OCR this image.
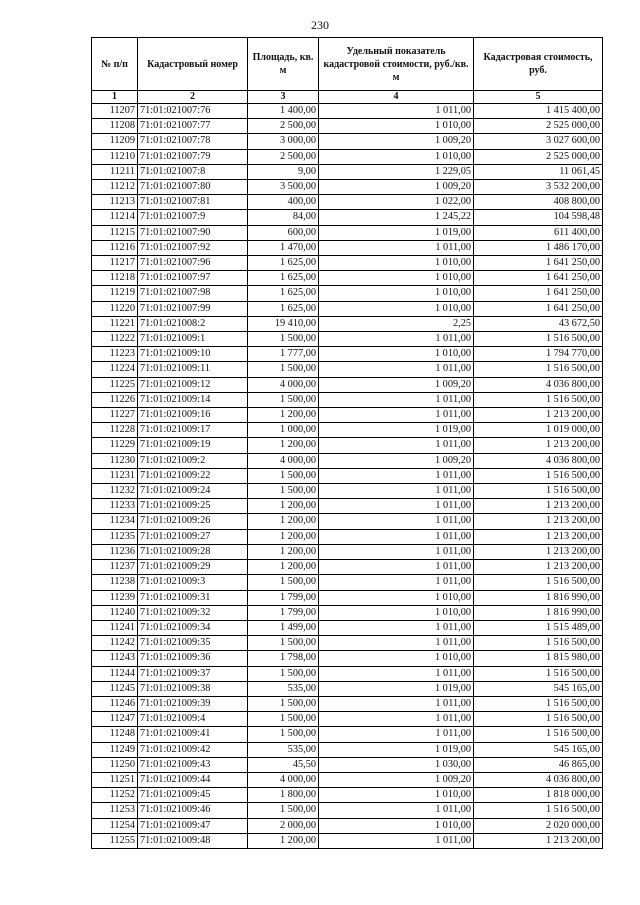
230
№ п/п	Кадастровый номер	Площадь, кв. м	Удельный показатель кадастровой стоимости, руб./кв. м	Кадастровая стоимость, руб.
1	2	3	4	5
11207	71:01:021007:76	1 400,00	1 011,00	1 415 400,00
11208	71:01:021007:77	2 500,00	1 010,00	2 525 000,00
11209	71:01:021007:78	3 000,00	1 009,20	3 027 600,00
11210	71:01:021007:79	2 500,00	1 010,00	2 525 000,00
11211	71:01:021007:8	9,00	1 229,05	11 061,45
11212	71:01:021007:80	3 500,00	1 009,20	3 532 200,00
11213	71:01:021007:81	400,00	1 022,00	408 800,00
11214	71:01:021007:9	84,00	1 245,22	104 598,48
11215	71:01:021007:90	600,00	1 019,00	611 400,00
11216	71:01:021007:92	1 470,00	1 011,00	1 486 170,00
11217	71:01:021007:96	1 625,00	1 010,00	1 641 250,00
11218	71:01:021007:97	1 625,00	1 010,00	1 641 250,00
11219	71:01:021007:98	1 625,00	1 010,00	1 641 250,00
11220	71:01:021007:99	1 625,00	1 010,00	1 641 250,00
11221	71:01:021008:2	19 410,00	2,25	43 672,50
11222	71:01:021009:1	1 500,00	1 011,00	1 516 500,00
11223	71:01:021009:10	1 777,00	1 010,00	1 794 770,00
11224	71:01:021009:11	1 500,00	1 011,00	1 516 500,00
11225	71:01:021009:12	4 000,00	1 009,20	4 036 800,00
11226	71:01:021009:14	1 500,00	1 011,00	1 516 500,00
11227	71:01:021009:16	1 200,00	1 011,00	1 213 200,00
11228	71:01:021009:17	1 000,00	1 019,00	1 019 000,00
11229	71:01:021009:19	1 200,00	1 011,00	1 213 200,00
11230	71:01:021009:2	4 000,00	1 009,20	4 036 800,00
11231	71:01:021009:22	1 500,00	1 011,00	1 516 500,00
11232	71:01:021009:24	1 500,00	1 011,00	1 516 500,00
11233	71:01:021009:25	1 200,00	1 011,00	1 213 200,00
11234	71:01:021009:26	1 200,00	1 011,00	1 213 200,00
11235	71:01:021009:27	1 200,00	1 011,00	1 213 200,00
11236	71:01:021009:28	1 200,00	1 011,00	1 213 200,00
11237	71:01:021009:29	1 200,00	1 011,00	1 213 200,00
11238	71:01:021009:3	1 500,00	1 011,00	1 516 500,00
11239	71:01:021009:31	1 799,00	1 010,00	1 816 990,00
11240	71:01:021009:32	1 799,00	1 010,00	1 816 990,00
11241	71:01:021009:34	1 499,00	1 011,00	1 515 489,00
11242	71:01:021009:35	1 500,00	1 011,00	1 516 500,00
11243	71:01:021009:36	1 798,00	1 010,00	1 815 980,00
11244	71:01:021009:37	1 500,00	1 011,00	1 516 500,00
11245	71:01:021009:38	535,00	1 019,00	545 165,00
11246	71:01:021009:39	1 500,00	1 011,00	1 516 500,00
11247	71:01:021009:4	1 500,00	1 011,00	1 516 500,00
11248	71:01:021009:41	1 500,00	1 011,00	1 516 500,00
11249	71:01:021009:42	535,00	1 019,00	545 165,00
11250	71:01:021009:43	45,50	1 030,00	46 865,00
11251	71:01:021009:44	4 000,00	1 009,20	4 036 800,00
11252	71:01:021009:45	1 800,00	1 010,00	1 818 000,00
11253	71:01:021009:46	1 500,00	1 011,00	1 516 500,00
11254	71:01:021009:47	2 000,00	1 010,00	2 020 000,00
11255	71:01:021009:48	1 200,00	1 011,00	1 213 200,00
